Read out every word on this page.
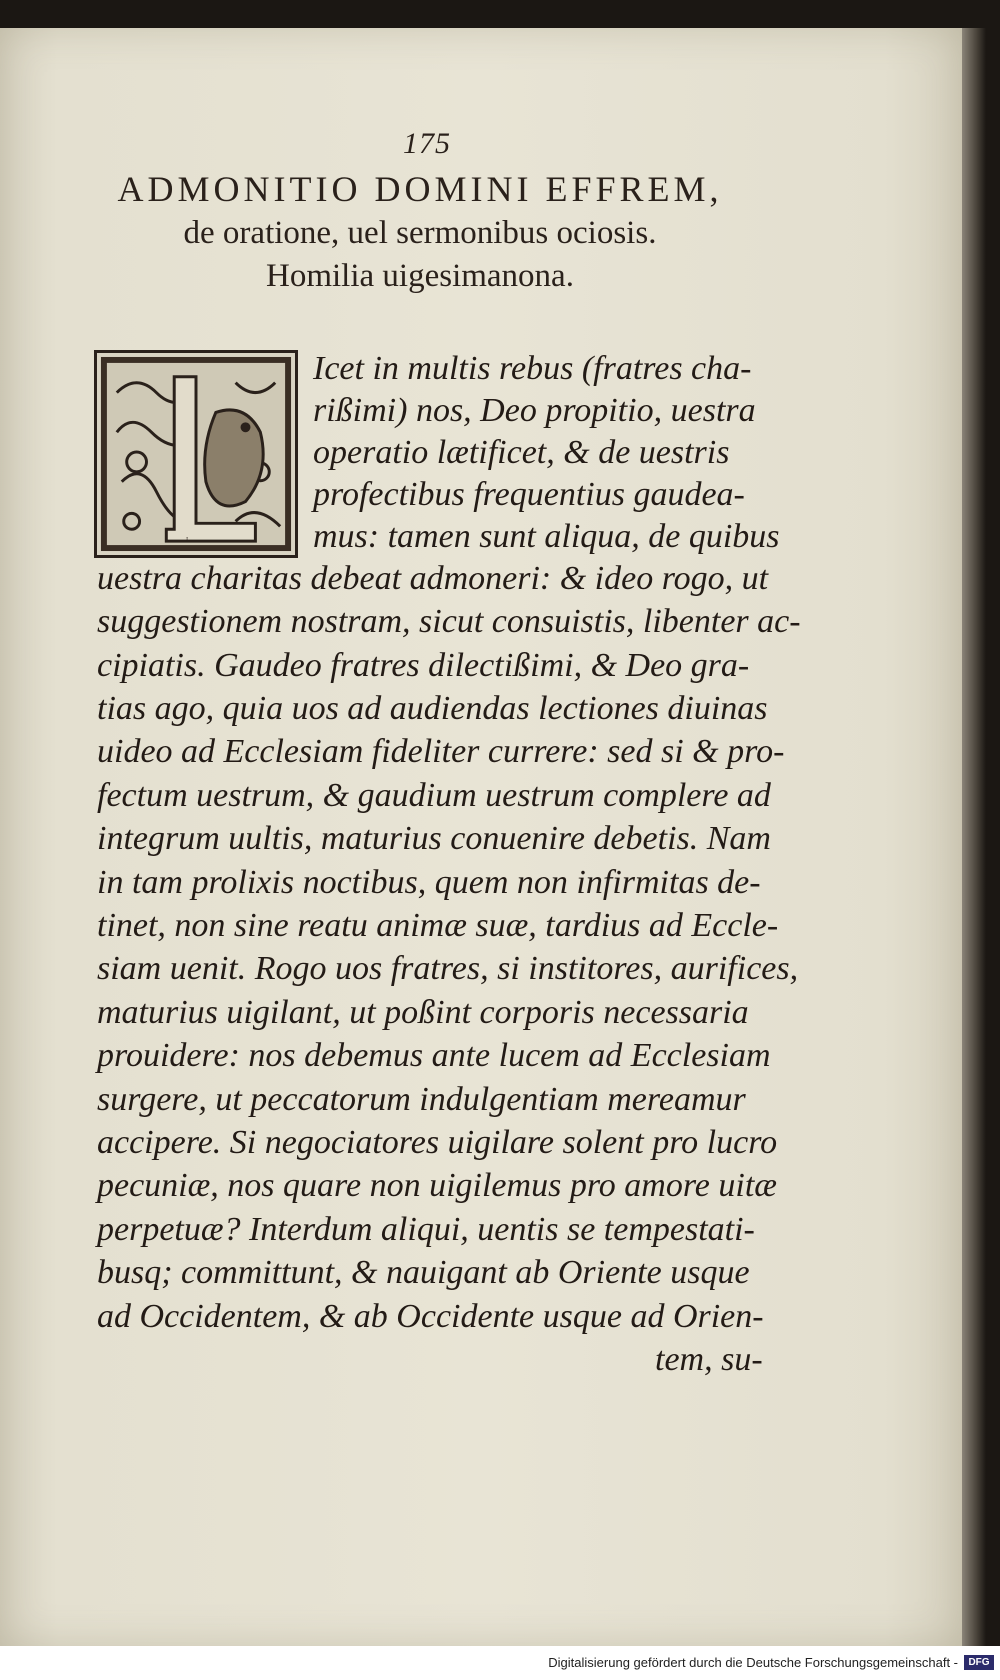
175
ADMONITIO DOMINI EFFREM,
de oratione, uel sermonibus ociosis.
Homilia uigesimanona.
L
Icet in multis rebus (fratres cha-
rißimi) nos, Deo propitio, uestra
operatio lætificet, & de uestris
profectibus frequentius gaudea-
mus: tamen sunt aliqua, de quibus
uestra charitas debeat admoneri: & ideo rogo, ut
suggestionem nostram, sicut consuistis, libenter ac-
cipiatis. Gaudeo fratres dilectißimi, & Deo gra-
tias ago, quia uos ad audiendas lectiones diuinas
uideo ad Ecclesiam fideliter currere: sed si & pro-
fectum uestrum, & gaudium uestrum complere ad
integrum uultis, maturius conuenire debetis. Nam
in tam prolixis noctibus, quem non infirmitas de-
tinet, non sine reatu animæ suæ, tardius ad Eccle-
siam uenit. Rogo uos fratres, si institores, aurifices,
maturius uigilant, ut poßint corporis necessaria
prouidere: nos debemus ante lucem ad Ecclesiam
surgere, ut peccatorum indulgentiam mereamur
accipere. Si negociatores uigilare solent pro lucro
pecuniæ, nos quare non uigilemus pro amore uitæ
perpetuæ? Interdum aliqui, uentis se tempestati-
busq; committunt, & nauigant ab Oriente usque
ad Occidentem, & ab Occidente usque ad Orien-
tem, su-
Digitalisierung gefördert durch die Deutsche Forschungsgemeinschaft -	DFG
